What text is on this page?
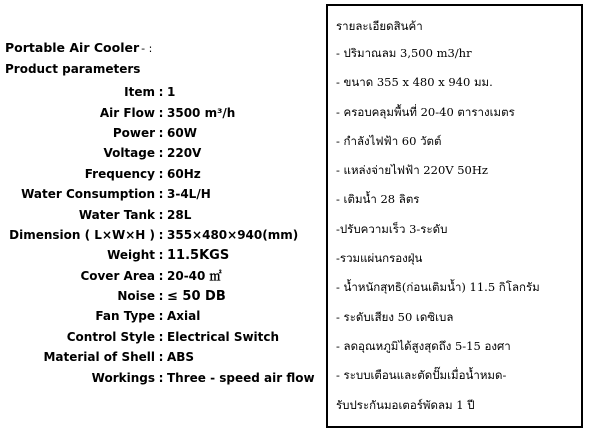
Portable Air Cooler - :
Product parameters
Item : 1
Air Flow : 3500 m³/h
Power : 60W
Voltage : 220V
Frequency : 60Hz
Water Consumption : 3-4L/H
Water Tank : 28L
Dimension ( L×W×H ) : 355×480×940(mm)
Weight : 11.5KGS
Cover Area : 20-40 ㎡
Noise : ≤ 50 DB
Fan Type : Axial
Control Style : Electrical Switch
Material of Shell : ABS
Workings : Three - speed air flow
รายละเอียดสินค้า
- ปริมาณลม 3,500 m3/hr
- ขนาด 355 x 480 x 940 มม.
- ครอบคลุมพื้นที่ 20-40 ตารางเมตร
- กำลังไฟฟ้า 60 วัตต์
- แหล่งจ่ายไฟฟ้า 220V 50Hz
- เติมน้ำ 28 ลิตร
-ปรับความเร็ว 3-ระดับ
-รวมแผ่นกรองฝุ่น
- น้ำหนักสุทธิ(ก่อนเติมน้ำ) 11.5 กิโลกรัม
- ระดับเสียง 50 เดซิเบล
- ลดอุณหภูมิได้สูงสุดถึง 5-15 องศา
- ระบบเตือนและตัดปั๊มเมื่อน้ำหมด-
รับประกันมอเตอร์พัดลม 1 ปี
